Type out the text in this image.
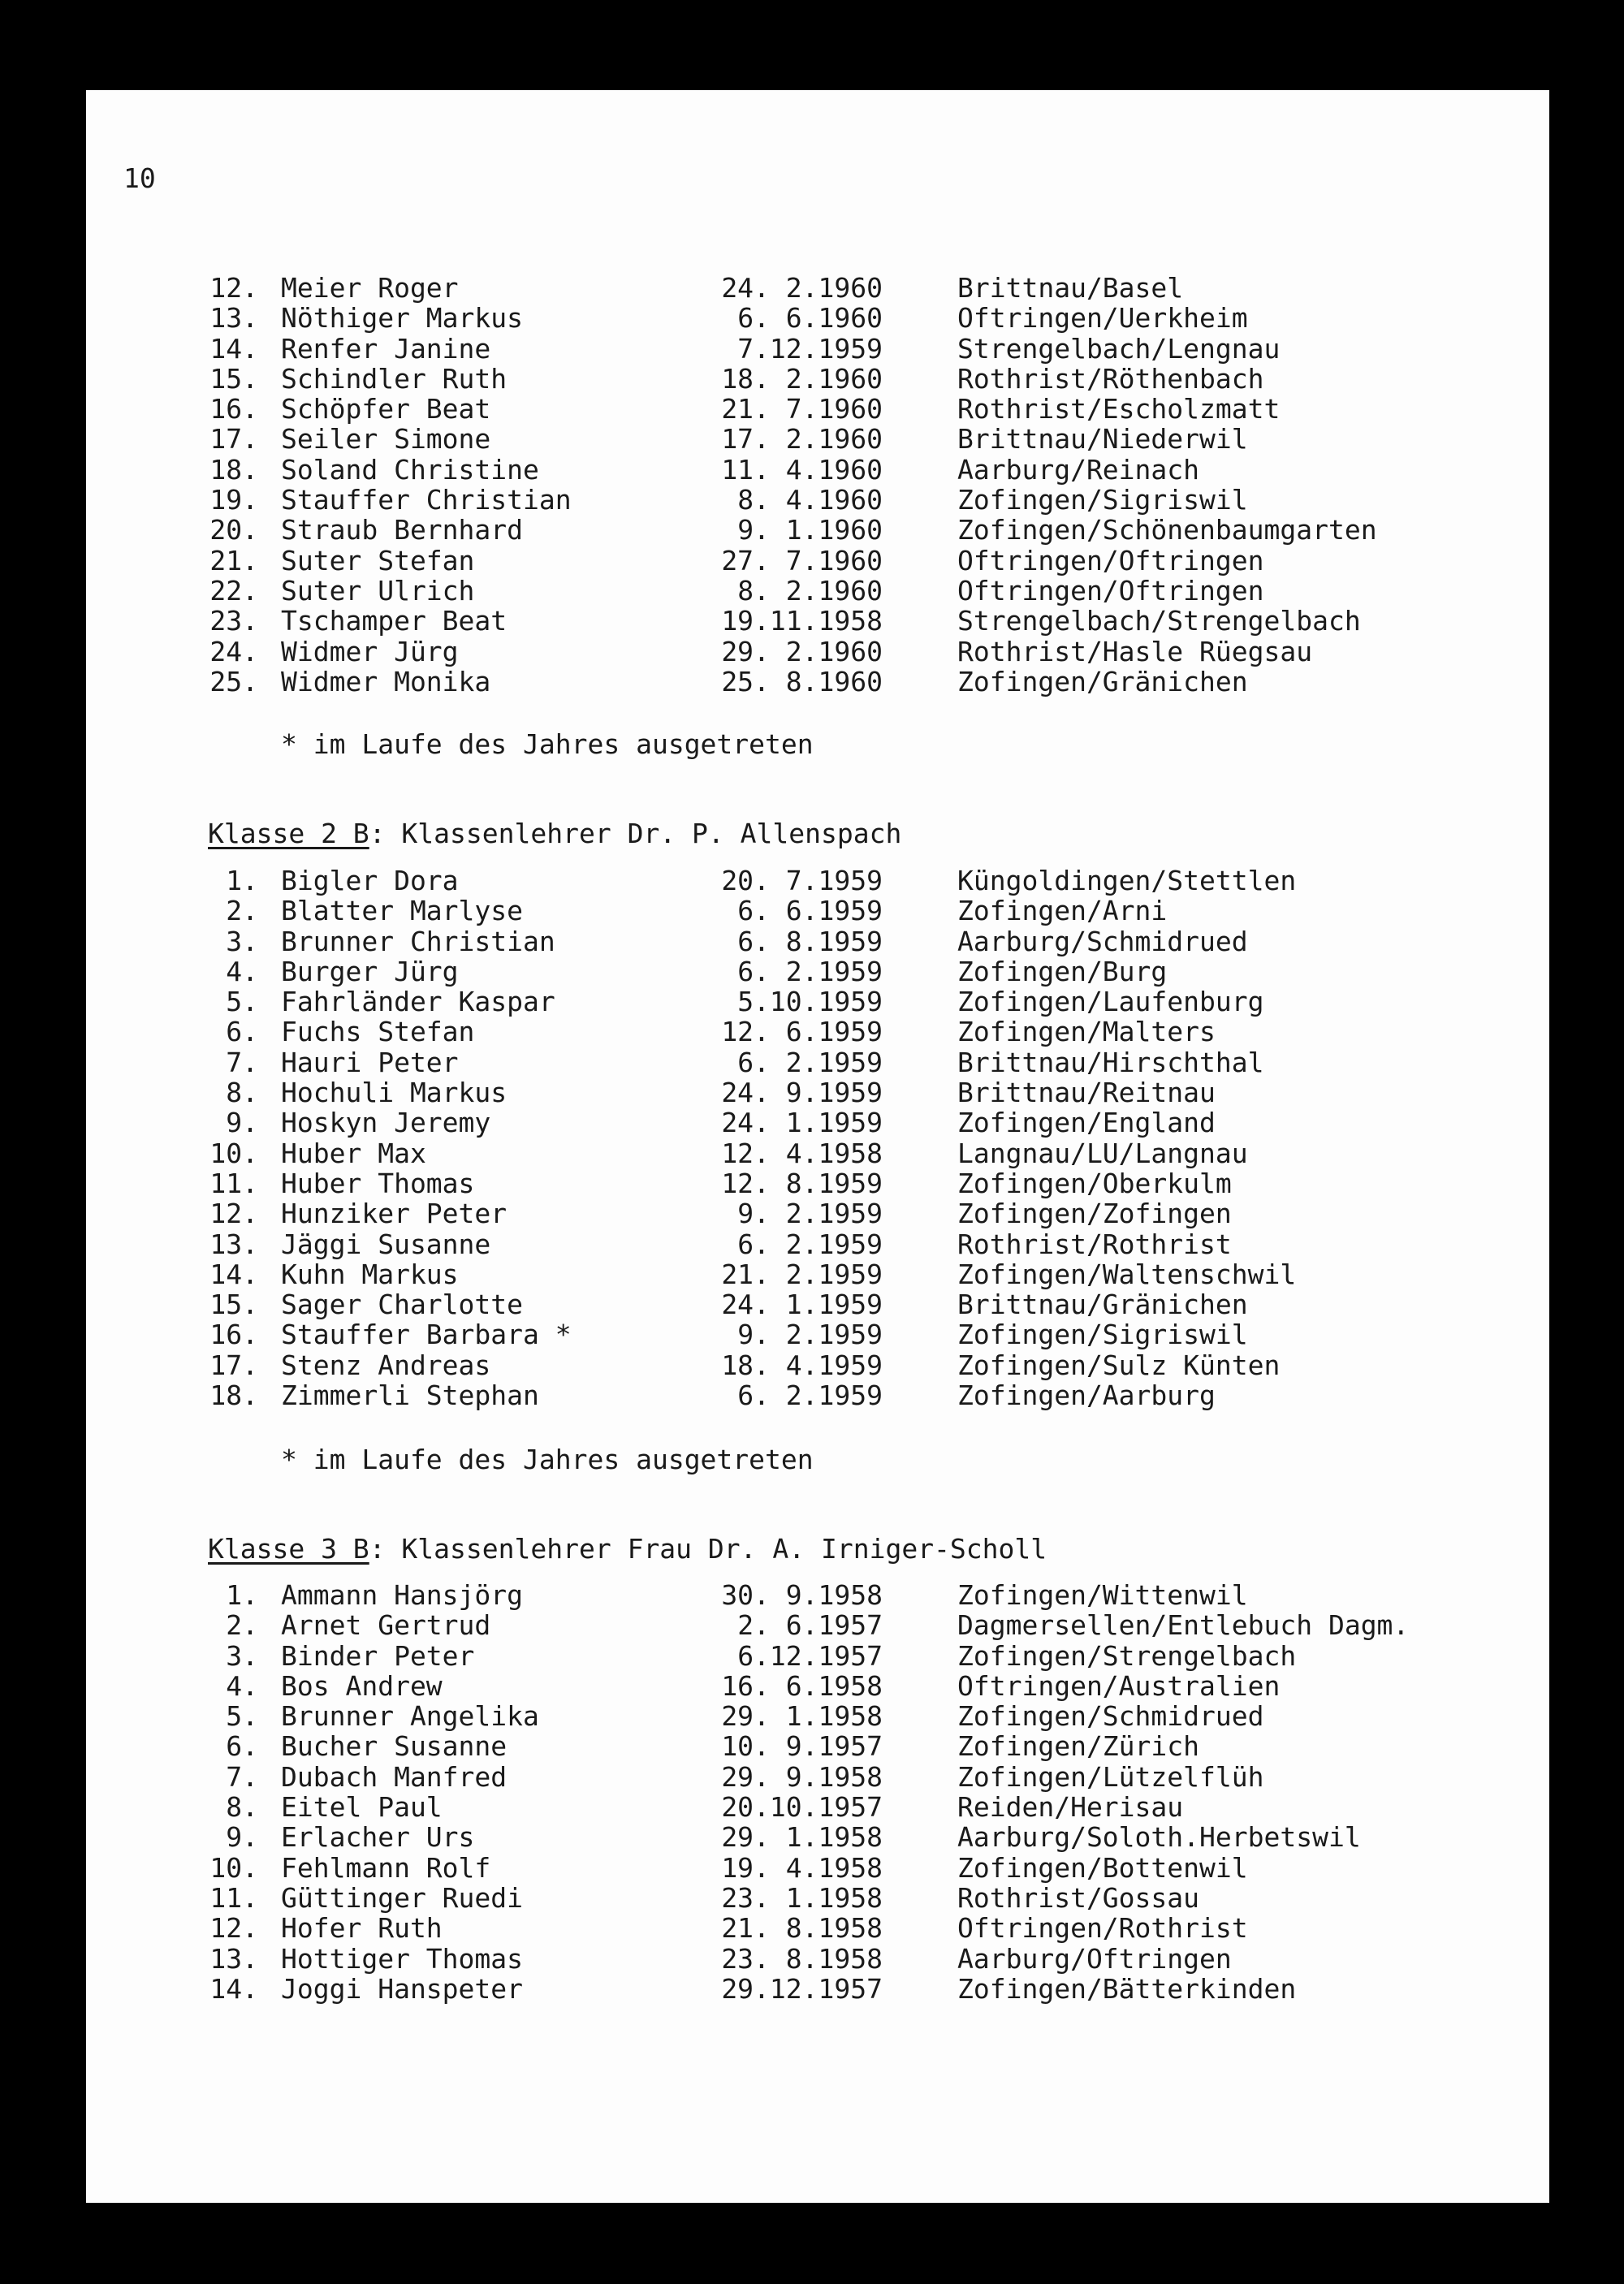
10
12. Meier Roger	24. 2.1960	Brittnau/Basel
13. Nöthiger Markus	6. 6.1960	Oftringen/Uerkheim
14. Renfer Janine	7.12.1959	Strengelbach/Lengnau
15. Schindler Ruth	18. 2.1960	Rothrist/Röthenbach
16. Schöpfer Beat	21. 7.1960	Rothrist/Escholzmatt
17. Seiler Simone	17. 2.1960	Brittnau/Niederwil
18. Soland Christine	11. 4.1960	Aarburg/Reinach
19. Stauffer Christian	8. 4.1960	Zofingen/Sigriswil
20. Straub Bernhard	9. 1.1960	Zofingen/Schönenbaumgarten
21. Suter Stefan	27. 7.1960	Oftringen/Oftringen
22. Suter Ulrich	8. 2.1960	Oftringen/Oftringen
23. Tschamper Beat	19.11.1958	Strengelbach/Strengelbach
24. Widmer Jürg	29. 2.1960	Rothrist/Hasle Rüegsau
25. Widmer Monika	25. 8.1960	Zofingen/Gränichen
* im Laufe des Jahres ausgetreten
Klasse 2 B: Klassenlehrer Dr. P. Allenspach
1. Bigler Dora	20. 7.1959	Küngoldingen/Stettlen
2. Blatter Marlyse	6. 6.1959	Zofingen/Arni
3. Brunner Christian	6. 8.1959	Aarburg/Schmidrued
4. Burger Jürg	6. 2.1959	Zofingen/Burg
5. Fahrländer Kaspar	5.10.1959	Zofingen/Laufenburg
6. Fuchs Stefan	12. 6.1959	Zofingen/Malters
7. Hauri Peter	6. 2.1959	Brittnau/Hirschthal
8. Hochuli Markus	24. 9.1959	Brittnau/Reitnau
9. Hoskyn Jeremy	24. 1.1959	Zofingen/England
10. Huber Max	12. 4.1958	Langnau/LU/Langnau
11. Huber Thomas	12. 8.1959	Zofingen/Oberkulm
12. Hunziker Peter	9. 2.1959	Zofingen/Zofingen
13. Jäggi Susanne	6. 2.1959	Rothrist/Rothrist
14. Kuhn Markus	21. 2.1959	Zofingen/Waltenschwil
15. Sager Charlotte	24. 1.1959	Brittnau/Gränichen
16. Stauffer Barbara *	9. 2.1959	Zofingen/Sigriswil
17. Stenz Andreas	18. 4.1959	Zofingen/Sulz Künten
18. Zimmerli Stephan	6. 2.1959	Zofingen/Aarburg
* im Laufe des Jahres ausgetreten
Klasse 3 B: Klassenlehrer Frau Dr. A. Irniger-Scholl
1. Ammann Hansjörg	30. 9.1958	Zofingen/Wittenwil
2. Arnet Gertrud	2. 6.1957	Dagmersellen/Entlebuch Dagm.
3. Binder Peter	6.12.1957	Zofingen/Strengelbach
4. Bos Andrew	16. 6.1958	Oftringen/Australien
5. Brunner Angelika	29. 1.1958	Zofingen/Schmidrued
6. Bucher Susanne	10. 9.1957	Zofingen/Zürich
7. Dubach Manfred	29. 9.1958	Zofingen/Lützelflüh
8. Eitel Paul	20.10.1957	Reiden/Herisau
9. Erlacher Urs	29. 1.1958	Aarburg/Soloth.Herbetswil
10. Fehlmann Rolf	19. 4.1958	Zofingen/Bottenwil
11. Güttinger Ruedi	23. 1.1958	Rothrist/Gossau
12. Hofer Ruth	21. 8.1958	Oftringen/Rothrist
13. Hottiger Thomas	23. 8.1958	Aarburg/Oftringen
14. Joggi Hanspeter	29.12.1957	Zofingen/Bätterkinden
